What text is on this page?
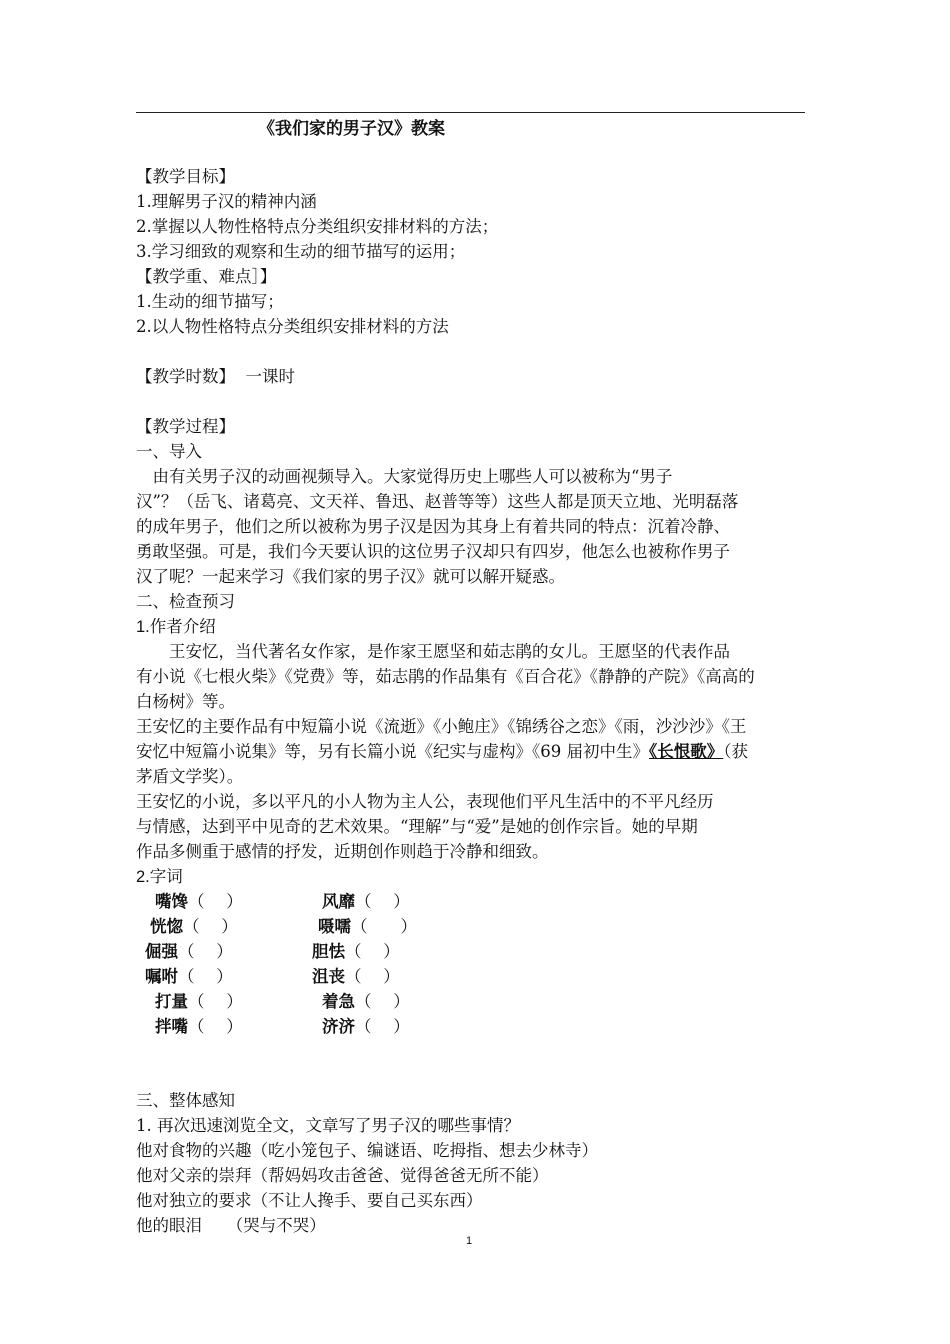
《我们家的男子汉》教案
【教学目标】
1.理解男子汉的精神内涵
2.掌握以人物性格特点分类组织安排材料的方法；
3.学习细致的观察和生动的细节描写的运用；
【教学重、难点］】
1.生动的细节描写；
2.以人物性格特点分类组织安排材料的方法
【教学时数】 一课时
【教学过程】
一、导入
　由有关男子汉的动画视频导入。大家觉得历史上哪些人可以被称为“男子
汉”？（岳飞、诸葛亮、文天祥、鲁迅、赵普等等）这些人都是顶天立地、光明磊落
的成年男子，他们之所以被称为男子汉是因为其身上有着共同的特点：沉着冷静、
勇敢坚强。可是，我们今天要认识的这位男子汉却只有四岁，他怎么也被称作男子
汉了呢？一起来学习《我们家的男子汉》就可以解开疑惑。
二、检查预习
1.作者介绍
　　王安忆，当代著名女作家，是作家王愿坚和茹志鹃的女儿。王愿坚的代表作品
有小说《七根火柴》《党费》等，茹志鹃的作品集有《百合花》《静静的产院》《高高的
白杨树》等。
王安忆的主要作品有中短篇小说《流逝》《小鲍庄》《锦绣谷之恋》《雨，沙沙沙》《王
安忆中短篇小说集》等，另有长篇小说《纪实与虚构》《69 届初中生》《长恨歌》（获
茅盾文学奖）。
王安忆的小说，多以平凡的小人物为主人公，表现他们平凡生活中的不平凡经历
与情感，达到平中见奇的艺术效果。“理解”与“爱”是她的创作宗旨。她的早期
作品多侧重于感情的抒发，近期创作则趋于冷静和细致。
2.字词
嘴馋（　 ）	风靡（　 ）
恍惚（　 ）	嗫嚅（　　）
倔强（　 ）	胆怯（　 ）
嘱咐（　 ）	沮丧（　 ）
打量（　 ）	着急（　 ）
拌嘴（　 ）	济济（　 ）
三、整体感知
1. 再次迅速浏览全文，文章写了男子汉的哪些事情？
他对食物的兴趣（吃小笼包子、编谜语、吃拇指、想去少林寺）
他对父亲的崇拜（帮妈妈攻击爸爸、觉得爸爸无所不能）
他对独立的要求（不让人搀手、要自己买东西）
他的眼泪　　（哭与不哭）
1
